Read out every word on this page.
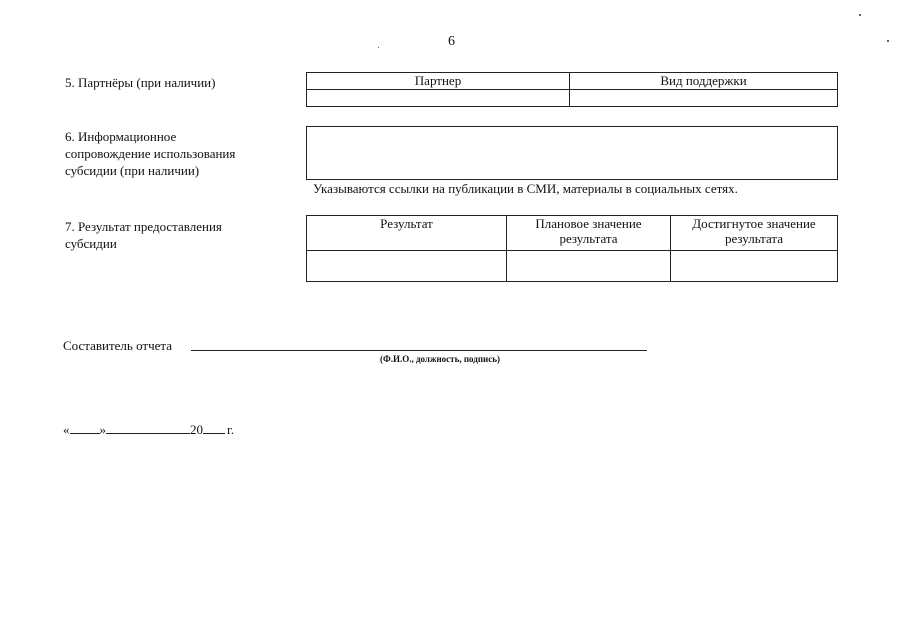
6
5. Партнёры (при наличии)	Партнер	Вид поддержки

6. Информационное
сопровождение использования
субсидии (при наличии)
Указываются ссылки на публикации в СМИ, материалы в социальных сетях.
7. Результат предоставления
субсидии
Результат	Плановое значение результата	Достигнутое значение результата

Составитель отчета
(Ф.И.О., должность, подпись)
« »	20 г.
